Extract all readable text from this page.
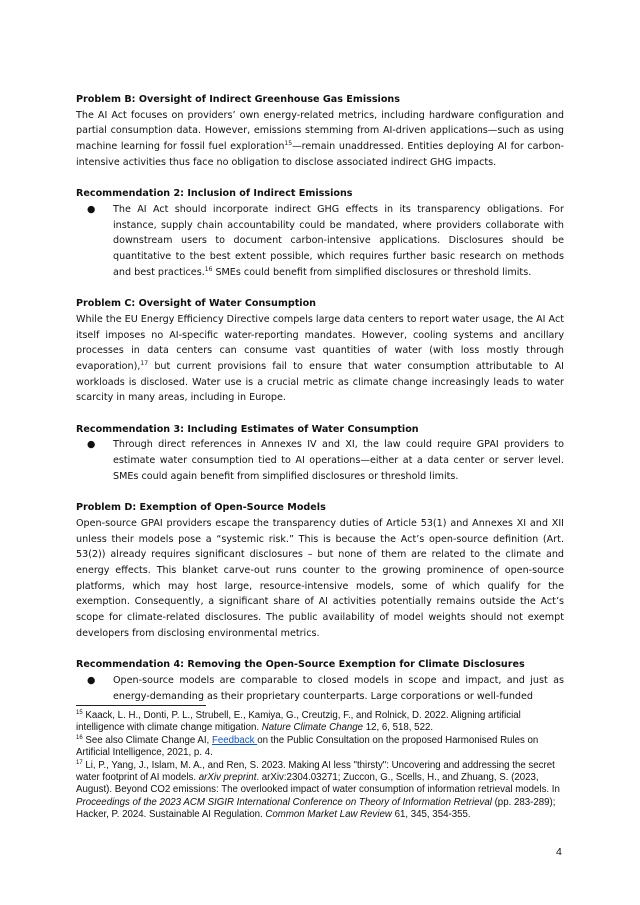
Problem B: Oversight of Indirect Greenhouse Gas Emissions

The AI Act focuses on providers’ own energy-related metrics, including hardware configuration and partial consumption data. However, emissions stemming from AI-driven applications—such as using machine learning for fossil fuel exploration$^{15}$—remain unaddressed. Entities deploying AI for carbon-intensive activities thus face no obligation to disclose associated indirect GHG impacts.

Recommendation 2: Inclusion of Indirect Emissions

● The AI Act should incorporate indirect GHG effects in its transparency obligations. For instance, supply chain accountability could be mandated, where providers collaborate with downstream users to document carbon-intensive applications. Disclosures should be quantitative to the best extent possible, which requires further basic research on methods and best practices.$^{16}$ SMEs could benefit from simplified disclosures or threshold limits.

Problem C: Oversight of Water Consumption

While the EU Energy Efficiency Directive compels large data centers to report water usage, the AI Act itself imposes no AI-specific water-reporting mandates. However, cooling systems and ancillary processes in data centers can consume vast quantities of water (with loss mostly through evaporation),$^{17}$ but current provisions fail to ensure that water consumption attributable to AI workloads is disclosed. Water use is a crucial metric as climate change increasingly leads to water scarcity in many areas, including in Europe.

Recommendation 3: Including Estimates of Water Consumption

● Through direct references in Annexes IV and XI, the law could require GPAI providers to estimate water consumption tied to AI operations—either at a data center or server level. SMEs could again benefit from simplified disclosures or threshold limits.

Problem D: Exemption of Open-Source Models

Open-source GPAI providers escape the transparency duties of Article 53(1) and Annexes XI and XII unless their models pose a “systemic risk.” This is because the Act’s open-source definition (Art. 53(2)) already requires significant disclosures – but none of them are related to the climate and energy effects. This blanket carve-out runs counter to the growing prominence of open-source platforms, which may host large, resource-intensive models, some of which qualify for the exemption. Consequently, a significant share of AI activities potentially remains outside the Act’s scope for climate-related disclosures. The public availability of model weights should not exempt developers from disclosing environmental metrics.

Recommendation 4: Removing the Open-Source Exemption for Climate Disclosures

● Open-source models are comparable to closed models in scope and impact, and just as energy-demanding as their proprietary counterparts. Large corporations or well-funded

$^{15}$ Kaack, L. H., Donti, P. L., Strubell, E., Kamiya, G., Creutzig, F., and Rolnick, D. 2022. Aligning artificial intelligence with climate change mitigation. Nature Climate Change 12, 6, 518, 522.

$^{16}$ See also Climate Change AI, Feedback on the Public Consultation on the proposed Harmonised Rules on Artificial Intelligence, 2021, p. 4.

$^{17}$ Li, P., Yang, J., Islam, M. A., and Ren, S. 2023. Making AI less "thirsty": Uncovering and addressing the secret water footprint of AI models. arXiv preprint. arXiv:2304.03271; Zuccon, G., Scells, H., and Zhuang, S. (2023, August). Beyond CO2 emissions: The overlooked impact of water consumption of information retrieval models. In Proceedings of the 2023 ACM SIGIR International Conference on Theory of Information Retrieval (pp. 283-289); Hacker, P. 2024. Sustainable AI Regulation. Common Market Law Review 61, 345, 354-355.

4
